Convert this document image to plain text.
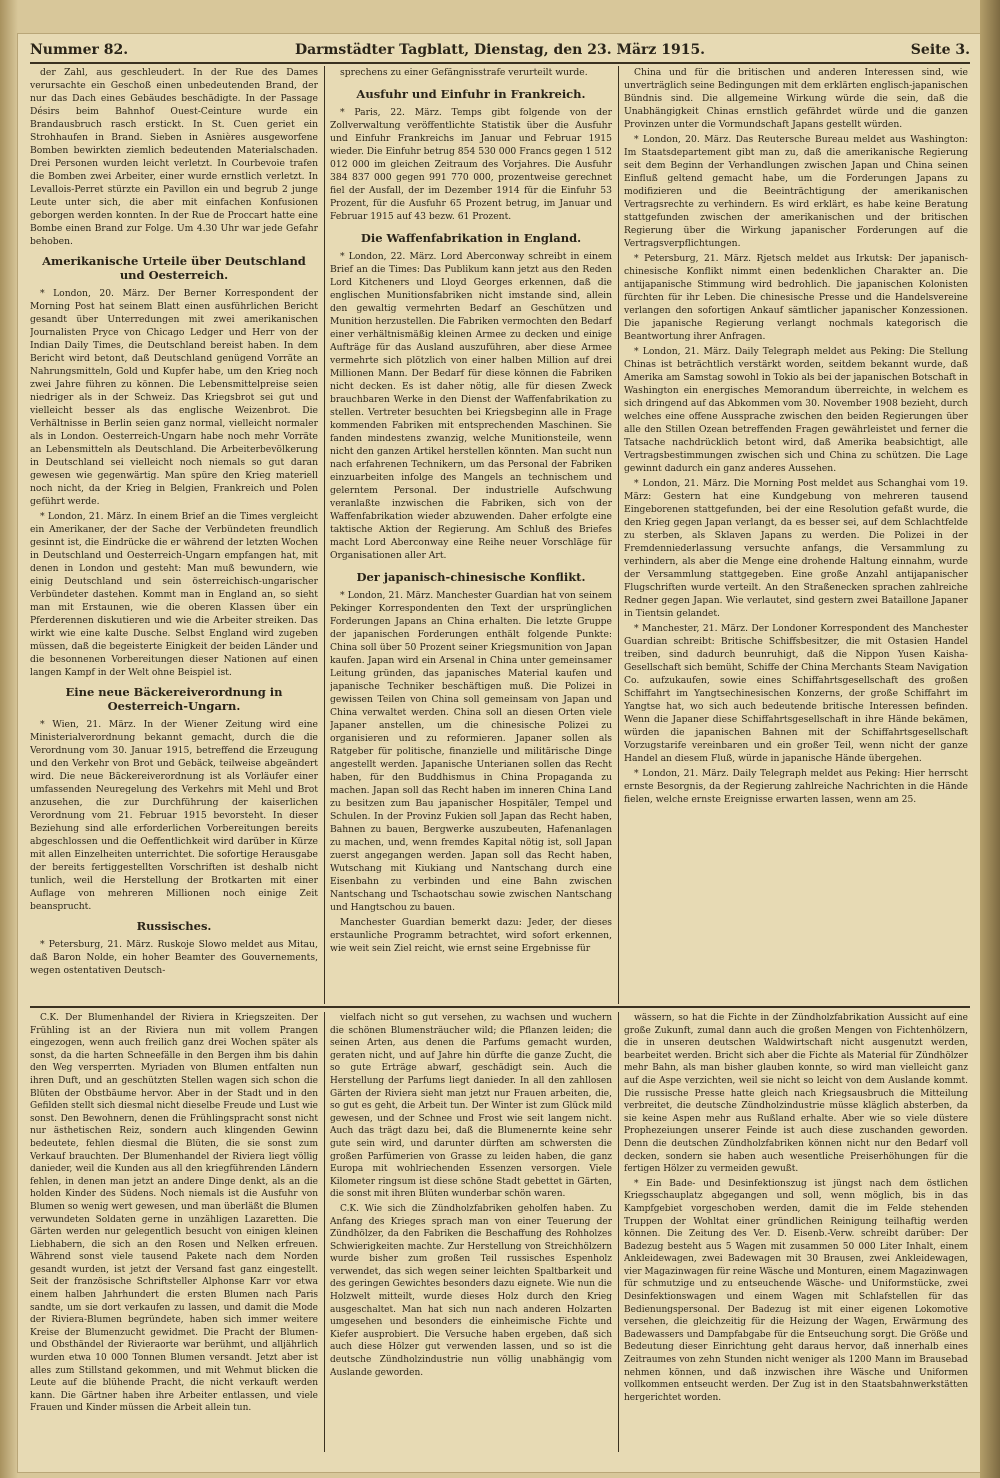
Nummer 82.	Darmstädter Tagblatt, Dienstag, den 23. März 1915.	Seite 3.

der Zahl, aus geschleudert. In der Rue des Dames verursachte ein Geschoß einen unbedeutenden Brand, der nur das Dach eines Gebäudes beschädigte. In der Passage Désirs beim Bahnhof Ouest-Ceinture wurde ein Brandausbruch rasch erstickt. In St. Cuen geriet ein Strohhaufen in Brand. Sieben in Asnières ausgeworfene Bomben bewirkten ziemlich bedeutenden Materialschaden. Drei Personen wurden leicht verletzt. In Courbevoie trafen die Bomben zwei Arbeiter, einer wurde ernstlich verletzt. In Levallois-Perret stürzte ein Pavillon ein und begrub 2 junge Leute unter sich, die aber mit einfachen Konfusionen geborgen werden konnten. In der Rue de Proccart hatte eine Bombe einen Brand zur Folge. Um 4.30 Uhr war jede Gefahr behoben.

Amerikanische Urteile über Deutschland und Oesterreich.

* London, 20. März. Der Berner Korrespondent der Morning Post hat seinem Blatt einen ausführlichen Bericht gesandt über Unterredungen mit zwei amerikanischen Journalisten Pryce von Chicago Ledger und Herr von der Indian Daily Times, die Deutschland bereist haben. In dem Bericht wird betont, daß Deutschland genügend Vorräte an Nahrungsmitteln, Gold und Kupfer habe, um den Krieg noch zwei Jahre führen zu können. Die Lebensmittelpreise seien niedriger als in der Schweiz. Das Kriegsbrot sei gut und vielleicht besser als das englische Weizenbrot. Die Verhältnisse in Berlin seien ganz normal, vielleicht normaler als in London. Oesterreich-Ungarn habe noch mehr Vorräte an Lebensmitteln als Deutschland. Die Arbeiterbevölkerung in Deutschland sei vielleicht noch niemals so gut daran gewesen wie gegenwärtig. Man spüre den Krieg materiell noch nicht, da der Krieg in Belgien, Frankreich und Polen geführt werde.

* London, 21. März. In einem Brief an die Times vergleicht ein Amerikaner, der der Sache der Verbündeten freundlich gesinnt ist, die Eindrücke die er während der letzten Wochen in Deutschland und Oesterreich-Ungarn empfangen hat, mit denen in London und gesteht: Man muß bewundern, wie einig Deutschland und sein österreichisch-ungarischer Verbündeter dastehen. Kommt man in England an, so sieht man mit Erstaunen, wie die oberen Klassen über ein Pferderennen diskutieren und wie die Arbeiter streiken. Das wirkt wie eine kalte Dusche. Selbst England wird zugeben müssen, daß die begeisterte Einigkeit der beiden Länder und die besonnenen Vorbereitungen dieser Nationen auf einen langen Kampf in der Welt ohne Beispiel ist.

Eine neue Bäckereiverordnung in Oesterreich-Ungarn.

* Wien, 21. März. In der Wiener Zeitung wird eine Ministerialverordnung bekannt gemacht, durch die die Verordnung vom 30. Januar 1915, betreffend die Erzeugung und den Verkehr von Brot und Gebäck, teilweise abgeändert wird. Die neue Bäckereiverordnung ist als Vorläufer einer umfassenden Neuregelung des Verkehrs mit Mehl und Brot anzusehen, die zur Durchführung der kaiserlichen Verordnung vom 21. Februar 1915 bevorsteht. In dieser Beziehung sind alle erforderlichen Vorbereitungen bereits abgeschlossen und die Oeffentlichkeit wird darüber in Kürze mit allen Einzelheiten unterrichtet. Die sofortige Herausgabe der bereits fertiggestellten Vorschriften ist deshalb nicht tunlich, weil die Herstellung der Brotkarten mit einer Auflage von mehreren Millionen noch einige Zeit beansprucht.

Russisches.

* Petersburg, 21. März. Ruskoje Slowo meldet aus Mitau, daß Baron Nolde, ein hoher Beamter des Gouvernements, wegen ostentativen Deutsch-

sprechens zu einer Gefängnisstrafe verurteilt wurde.

Ausfuhr und Einfuhr in Frankreich.

* Paris, 22. März. Temps gibt folgende von der Zollverwaltung veröffentlichte Statistik über die Ausfuhr und Einfuhr Frankreichs im Januar und Februar 1915 wieder. Die Einfuhr betrug 854 530 000 Francs gegen 1 512 012 000 im gleichen Zeitraum des Vorjahres. Die Ausfuhr 384 837 000 gegen 991 770 000, prozentweise gerechnet fiel der Ausfall, der im Dezember 1914 für die Einfuhr 53 Prozent, für die Ausfuhr 65 Prozent betrug, im Januar und Februar 1915 auf 43 bezw. 61 Prozent.

Die Waffenfabrikation in England.

* London, 22. März. Lord Aberconway schreibt in einem Brief an die Times: Das Publikum kann jetzt aus den Reden Lord Kitcheners und Lloyd Georges erkennen, daß die englischen Munitionsfabriken nicht imstande sind, allein den gewaltig vermehrten Bedarf an Geschützen und Munition herzustellen. Die Fabriken vermochten den Bedarf einer verhältnismäßig kleinen Armee zu decken und einige Aufträge für das Ausland auszuführen, aber diese Armee vermehrte sich plötzlich von einer halben Million auf drei Millionen Mann. Der Bedarf für diese können die Fabriken nicht decken. Es ist daher nötig, alle für diesen Zweck brauchbaren Werke in den Dienst der Waffenfabrikation zu stellen. Vertreter besuchten bei Kriegsbeginn alle in Frage kommenden Fabriken mit entsprechenden Maschinen. Sie fanden mindestens zwanzig, welche Munitionsteile, wenn nicht den ganzen Artikel herstellen könnten. Man sucht nun nach erfahrenen Technikern, um das Personal der Fabriken einzuarbeiten infolge des Mangels an technischem und gelerntem Personal. Der industrielle Aufschwung veranlaßte inzwischen die Fabriken, sich von der Waffenfabrikation wieder abzuwenden. Daher erfolgte eine taktische Aktion der Regierung. Am Schluß des Briefes macht Lord Aberconway eine Reihe neuer Vorschläge für Organisationen aller Art.

Der japanisch-chinesische Konflikt.

* London, 21. März. Manchester Guardian hat von seinem Pekinger Korrespondenten den Text der ursprünglichen Forderungen Japans an China erhalten. Die letzte Gruppe der japanischen Forderungen enthält folgende Punkte: China soll über 50 Prozent seiner Kriegsmunition von Japan kaufen. Japan wird ein Arsenal in China unter gemeinsamer Leitung gründen, das japanisches Material kaufen und japanische Techniker beschäftigen muß. Die Polizei in gewissen Teilen von China soll gemeinsam von Japan und China verwaltet werden. China soll an diesen Orten viele Japaner anstellen, um die chinesische Polizei zu organisieren und zu reformieren. Japaner sollen als Ratgeber für politische, finanzielle und militärische Dinge angestellt werden. Japanische Unterianen sollen das Recht haben, für den Buddhismus in China Propaganda zu machen. Japan soll das Recht haben im inneren China Land zu besitzen zum Bau japanischer Hospitäler, Tempel und Schulen. In der Provinz Fukien soll Japan das Recht haben, Bahnen zu bauen, Bergwerke auszubeuten, Hafenanlagen zu machen, und, wenn fremdes Kapital nötig ist, soll Japan zuerst angegangen werden. Japan soll das Recht haben, Wutschang mit Kiukiang und Nantschang durch eine Eisenbahn zu verbinden und eine Bahn zwischen Nantschang und Tschaotschau sowie zwischen Nantschang und Hangtschou zu bauen.

Manchester Guardian bemerkt dazu: Jeder, der dieses erstaunliche Programm betrachtet, wird sofort erkennen, wie weit sein Ziel reicht, wie ernst seine Ergebnisse für

China und für die britischen und anderen Interessen sind, wie unverträglich seine Bedingungen mit dem erklärten englisch-japanischen Bündnis sind. Die allgemeine Wirkung würde die sein, daß die Unabhängigkeit Chinas ernstlich gefährdet würde und die ganzen Provinzen unter die Vormundschaft Japans gestellt würden.

* London, 20. März. Das Reutersche Bureau meldet aus Washington: Im Staatsdepartement gibt man zu, daß die amerikanische Regierung seit dem Beginn der Verhandlungen zwischen Japan und China seinen Einfluß geltend gemacht habe, um die Forderungen Japans zu modifizieren und die Beeinträchtigung der amerikanischen Vertragsrechte zu verhindern. Es wird erklärt, es habe keine Beratung stattgefunden zwischen der amerikanischen und der britischen Regierung über die Wirkung japanischer Forderungen auf die Vertragsverpflichtungen.

* Petersburg, 21. März. Rjetsch meldet aus Irkutsk: Der japanisch-chinesische Konflikt nimmt einen bedenklichen Charakter an. Die antijapanische Stimmung wird bedrohlich. Die japanischen Kolonisten fürchten für ihr Leben. Die chinesische Presse und die Handelsvereine verlangen den sofortigen Ankauf sämtlicher japanischer Konzessionen. Die japanische Regierung verlangt nochmals kategorisch die Beantwortung ihrer Anfragen.

* London, 21. März. Daily Telegraph meldet aus Peking: Die Stellung Chinas ist beträchtlich verstärkt worden, seitdem bekannt wurde, daß Amerika am Samstag sowohl in Tokio als bei der japanischen Botschaft in Washington ein energisches Memorandum überreichte, in welchem es sich dringend auf das Abkommen vom 30. November 1908 bezieht, durch welches eine offene Aussprache zwischen den beiden Regierungen über alle den Stillen Ozean betreffenden Fragen gewährleistet und ferner die Tatsache nachdrücklich betont wird, daß Amerika beabsichtigt, alle Vertragsbestimmungen zwischen sich und China zu schützen. Die Lage gewinnt dadurch ein ganz anderes Aussehen.

* London, 21. März. Die Morning Post meldet aus Schanghai vom 19. März: Gestern hat eine Kundgebung von mehreren tausend Eingeborenen stattgefunden, bei der eine Resolution gefaßt wurde, die den Krieg gegen Japan verlangt, da es besser sei, auf dem Schlachtfelde zu sterben, als Sklaven Japans zu werden. Die Polizei in der Fremdenniederlassung versuchte anfangs, die Versammlung zu verhindern, als aber die Menge eine drohende Haltung einnahm, wurde der Versammlung stattgegeben. Eine große Anzahl antijapanischer Flugschriften wurde verteilt. An den Straßenecken sprachen zahlreiche Redner gegen Japan. Wie verlautet, sind gestern zwei Bataillone Japaner in Tientsin gelandet.

* Manchester, 21. März. Der Londoner Korrespondent des Manchester Guardian schreibt: Britische Schiffsbesitzer, die mit Ostasien Handel treiben, sind dadurch beunruhigt, daß die Nippon Yusen Kaisha-Gesellschaft sich bemüht, Schiffe der China Merchants Steam Navigation Co. aufzukaufen, sowie eines Schiffahrtsgesellschaft des großen Schiffahrt im Yangtsechinesischen Konzerns, der große Schiffahrt im Yangtse hat, wo sich auch bedeutende britische Interessen befinden. Wenn die Japaner diese Schiffahrtsgesellschaft in ihre Hände bekämen, würden die japanischen Bahnen mit der Schiffahrtsgesellschaft Vorzugstarife vereinbaren und ein großer Teil, wenn nicht der ganze Handel an diesem Fluß, würde in japanische Hände übergehen.

* London, 21. März. Daily Telegraph meldet aus Peking: Hier herrscht ernste Besorgnis, da der Regierung zahlreiche Nachrichten in die Hände fielen, welche ernste Ereignisse erwarten lassen, wenn am 25.

C.K. Der Blumenhandel der Riviera in Kriegszeiten. Der Frühling ist an der Riviera nun mit vollem Prangen eingezogen, wenn auch freilich ganz drei Wochen später als sonst, da die harten Schneefälle in den Bergen ihm bis dahin den Weg versperrten. Myriaden von Blumen entfalten nun ihren Duft, und an geschützten Stellen wagen sich schon die Blüten der Obstbäume hervor. Aber in der Stadt und in den Gefilden stellt sich diesmal nicht dieselbe Freude und Lust wie sonst. Den Bewohnern, denen die Frühlingspracht sonst nicht nur ästhetischen Reiz, sondern auch klingenden Gewinn bedeutete, fehlen diesmal die Blüten, die sie sonst zum Verkauf brauchten. Der Blumenhandel der Riviera liegt völlig danieder, weil die Kunden aus all den kriegführenden Ländern fehlen, in denen man jetzt an andere Dinge denkt, als an die holden Kinder des Südens. Noch niemals ist die Ausfuhr von Blumen so wenig wert gewesen, und man überläßt die Blumen verwundeten Soldaten gerne in unzähligen Lazaretten. Die Gärten werden nur gelegentlich besucht von einigen kleinen Liebhabern, die sich an den Rosen und Nelken erfreuen. Während sonst viele tausend Pakete nach dem Norden gesandt wurden, ist jetzt der Versand fast ganz eingestellt. Seit der französische Schriftsteller Alphonse Karr vor etwa einem halben Jahrhundert die ersten Blumen nach Paris sandte, um sie dort verkaufen zu lassen, und damit die Mode der Riviera-Blumen begründete, haben sich immer weitere Kreise der Blumenzucht gewidmet. Die Pracht der Blumen- und Obsthändel der Rivieraorte war berühmt, und alljährlich wurden etwa 10 000 Tonnen Blumen versandt. Jetzt aber ist alles zum Stillstand gekommen, und mit Wehmut blicken die Leute auf die blühende Pracht, die nicht verkauft werden kann. Die Gärtner haben ihre Arbeiter entlassen, und viele Frauen und Kinder müssen die Arbeit allein tun.

vielfach nicht so gut versehen, zu wachsen und wuchern die schönen Blumensträucher wild; die Pflanzen leiden; die seinen Arten, aus denen die Parfums gemacht wurden, geraten nicht, und auf Jahre hin dürfte die ganze Zucht, die so gute Erträge abwarf, geschädigt sein. Auch die Herstellung der Parfums liegt danieder. In all den zahllosen Gärten der Riviera sieht man jetzt nur Frauen arbeiten, die, so gut es geht, die Arbeit tun. Der Winter ist zum Glück mild gewesen, und der Schnee und Frost wie seit langem nicht. Auch das trägt dazu bei, daß die Blumenernte keine sehr gute sein wird, und darunter dürften am schwersten die großen Parfümerien von Grasse zu leiden haben, die ganz Europa mit wohlriechenden Essenzen versorgen. Viele Kilometer ringsum ist diese schöne Stadt gebettet in Gärten, die sonst mit ihren Blüten wunderbar schön waren.

C.K. Wie sich die Zündholzfabriken geholfen haben. Zu Anfang des Krieges sprach man von einer Teuerung der Zündhölzer, da den Fabriken die Beschaffung des Rohholzes Schwierigkeiten machte. Zur Herstellung von Streichhölzern wurde bisher zum großen Teil russisches Espenholz verwendet, das sich wegen seiner leichten Spaltbarkeit und des geringen Gewichtes besonders dazu eignete. Wie nun die Holzwelt mitteilt, wurde dieses Holz durch den Krieg ausgeschaltet. Man hat sich nun nach anderen Holzarten umgesehen und besonders die einheimische Fichte und Kiefer ausprobiert. Die Versuche haben ergeben, daß sich auch diese Hölzer gut verwenden lassen, und so ist die deutsche Zündholzindustrie nun völlig unabhängig vom Auslande geworden.

wässern, so hat die Fichte in der Zündholzfabrikation Aussicht auf eine große Zukunft, zumal dann auch die großen Mengen von Fichtenhölzern, die in unseren deutschen Waldwirtschaft nicht ausgenutzt werden, bearbeitet werden. Bricht sich aber die Fichte als Material für Zündhölzer mehr Bahn, als man bisher glauben konnte, so wird man vielleicht ganz auf die Aspe verzichten, weil sie nicht so leicht von dem Auslande kommt. Die russische Presse hatte gleich nach Kriegsausbruch die Mitteilung verbreitet, die deutsche Zündholzindustrie müsse kläglich absterben, da sie keine Aspen mehr aus Rußland erhalte. Aber wie so viele düstere Prophezeiungen unserer Feinde ist auch diese zuschanden geworden. Denn die deutschen Zündholzfabriken können nicht nur den Bedarf voll decken, sondern sie haben auch wesentliche Preiserhöhungen für die fertigen Hölzer zu vermeiden gewußt.

* Ein Bade- und Desinfektionszug ist jüngst nach dem östlichen Kriegsschauplatz abgegangen und soll, wenn möglich, bis in das Kampfgebiet vorgeschoben werden, damit die im Felde stehenden Truppen der Wohltat einer gründlichen Reinigung teilhaftig werden können. Die Zeitung des Ver. D. Eisenb.-Verw. schreibt darüber: Der Badezug besteht aus 5 Wagen mit zusammen 50 000 Liter Inhalt, einem Ankleidewagen, zwei Badewagen mit 30 Brausen, zwei Ankleidewagen, vier Magazinwagen für reine Wäsche und Monturen, einem Magazinwagen für schmutzige und zu entseuchende Wäsche- und Uniformstücke, zwei Desinfektionswagen und einem Wagen mit Schlafstellen für das Bedienungspersonal. Der Badezug ist mit einer eigenen Lokomotive versehen, die gleichzeitig für die Heizung der Wagen, Erwärmung des Badewassers und Dampfabgabe für die Entseuchung sorgt. Die Größe und Bedeutung dieser Einrichtung geht daraus hervor, daß innerhalb eines Zeitraumes von zehn Stunden nicht weniger als 1200 Mann im Brausebad nehmen können, und daß inzwischen ihre Wäsche und Uniformen vollkommen entseucht werden. Der Zug ist in den Staatsbahnwerkstätten hergerichtet worden.
